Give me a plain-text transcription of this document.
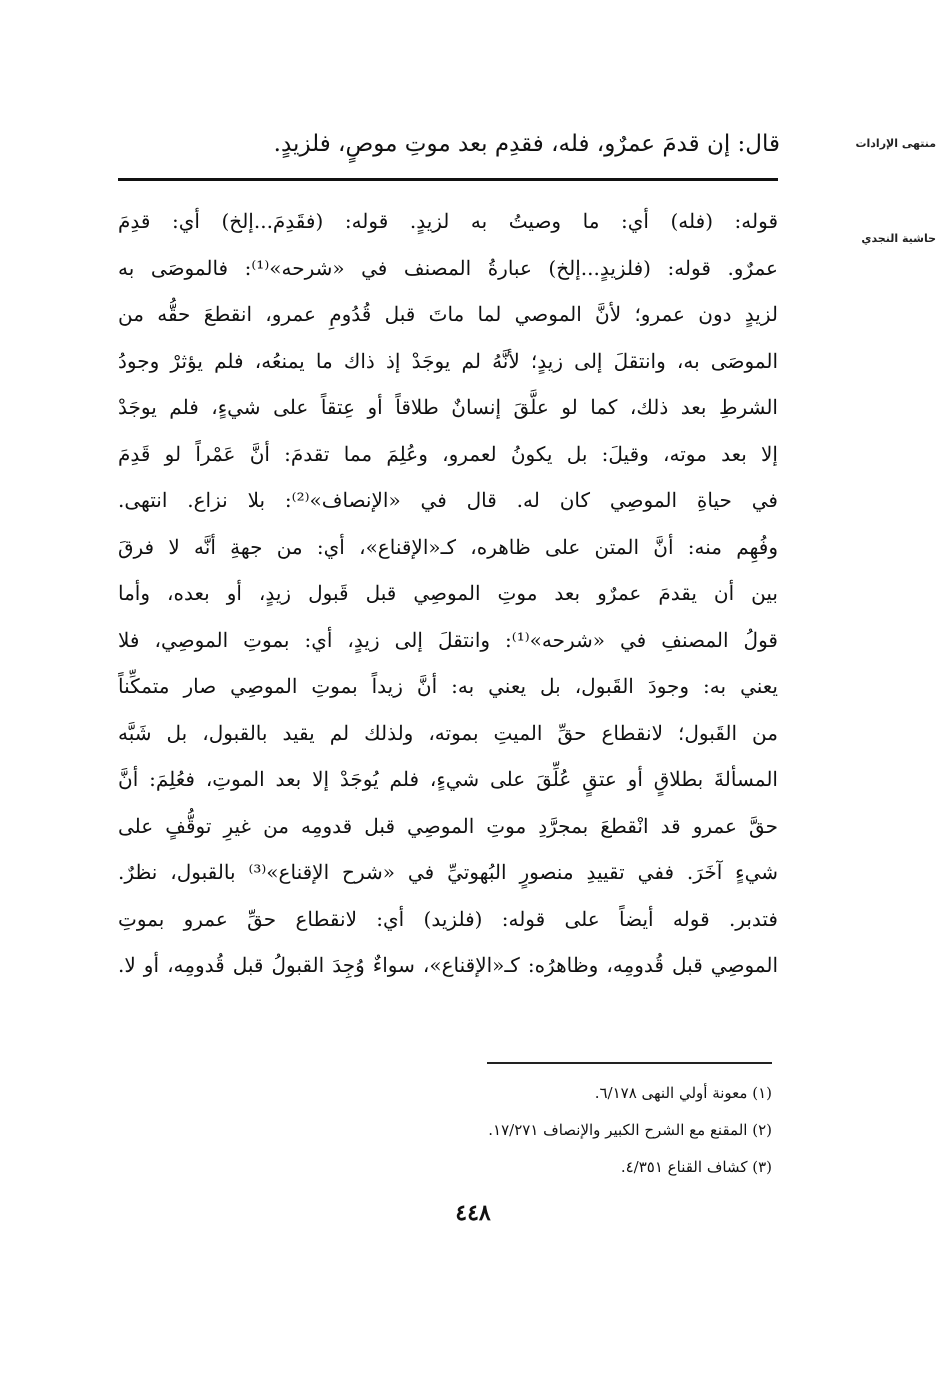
منتهى الإرادات
حاشية النجدي
قال: إن قدمَ عمرٌو، فله، فقدِم بعد موتِ موصٍ، فلزيدٍ.
قوله: (فله) أي: ما وصيتُ به لزيدٍ. قوله: (فقَدِمَ...إلخ) أي: قدِمَ
عمرٌو. قوله: (فلزيدٍ...إلخ) عبارةُ المصنف في «شرحه»⁽¹⁾: فالموصَى به
لزيدٍ دون عمرو؛ لأنَّ الموصي لما ماتَ قبل قُدُومِ عمرو، انقطعَ حقُّه من
الموصَى به، وانتقلَ إلى زيدٍ؛ لأنَّهُ لم يوجَدْ إذ ذاك ما يمنعُه، فلم يؤثرْ وجودُ
الشرطِ بعد ذلك، كما لو علَّقَ إنسانٌ طلاقاً أو عِتقاً على شيءٍ، فلم يوجَدْ
إلا بعد موته، وقيلَ: بل يكونُ لعمرو، وعُلِمَ مما تقدمَ: أنَّ عَمْراً لو قَدِمَ
في حياةِ الموصِي كان له. قال في «الإنصاف»⁽²⁾: بلا نزاع. انتهى.
وفُهِم منه: أنَّ المتن على ظاهره، كـ«الإقناع»، أي: من جهةِ أنَّه لا فرقَ
بين أن يقدمَ عمرٌو بعد موتِ الموصِي قبل قَبول زيدٍ، أو بعده، وأما
قولُ المصنفِ في «شرحه»⁽¹⁾: وانتقلَ إلى زيدٍ، أي: بموتِ الموصِي، فلا
يعني به: وجودَ القَبول، بل يعني به: أنَّ زيداً بموتِ الموصِي صار متمكِّناً
من القَبول؛ لانقطاع حقِّ الميتِ بموته، ولذلك لم يقيد بالقبول، بل شَبَّه
المسألةَ بطلاقٍ أو عتقٍ عُلِّقَ على شيءٍ، فلم يُوجَدْ إلا بعد الموتِ، فعُلِمَ: أنَّ
حقَّ عمرو قد انْقطعَ بمجرَّدِ موتِ الموصِي قبل قدومِه من غيرِ توقُّفٍ على
شيءٍ آخَرَ. ففي تقييدِ منصورٍ البُهوتيِّ في «شرح الإقناع»⁽³⁾ بالقبول، نظرٌ.
فتدبر. قوله أيضاً على قوله: (فلزيد) أي: لانقطاع حقِّ عمرو بموتِ
الموصِي قبل قُدومِه، وظاهرُه: كـ«الإقناع»، سواءٌ وُجِدَ القبولُ قبل قُدومِه، أو لا.
(١) معونة أولي النهى ٦/١٧٨.
(٢) المقنع مع الشرح الكبير والإنصاف ١٧/٢٧١.
(٣) كشاف القناع ٤/٣٥١.
٤٤٨
